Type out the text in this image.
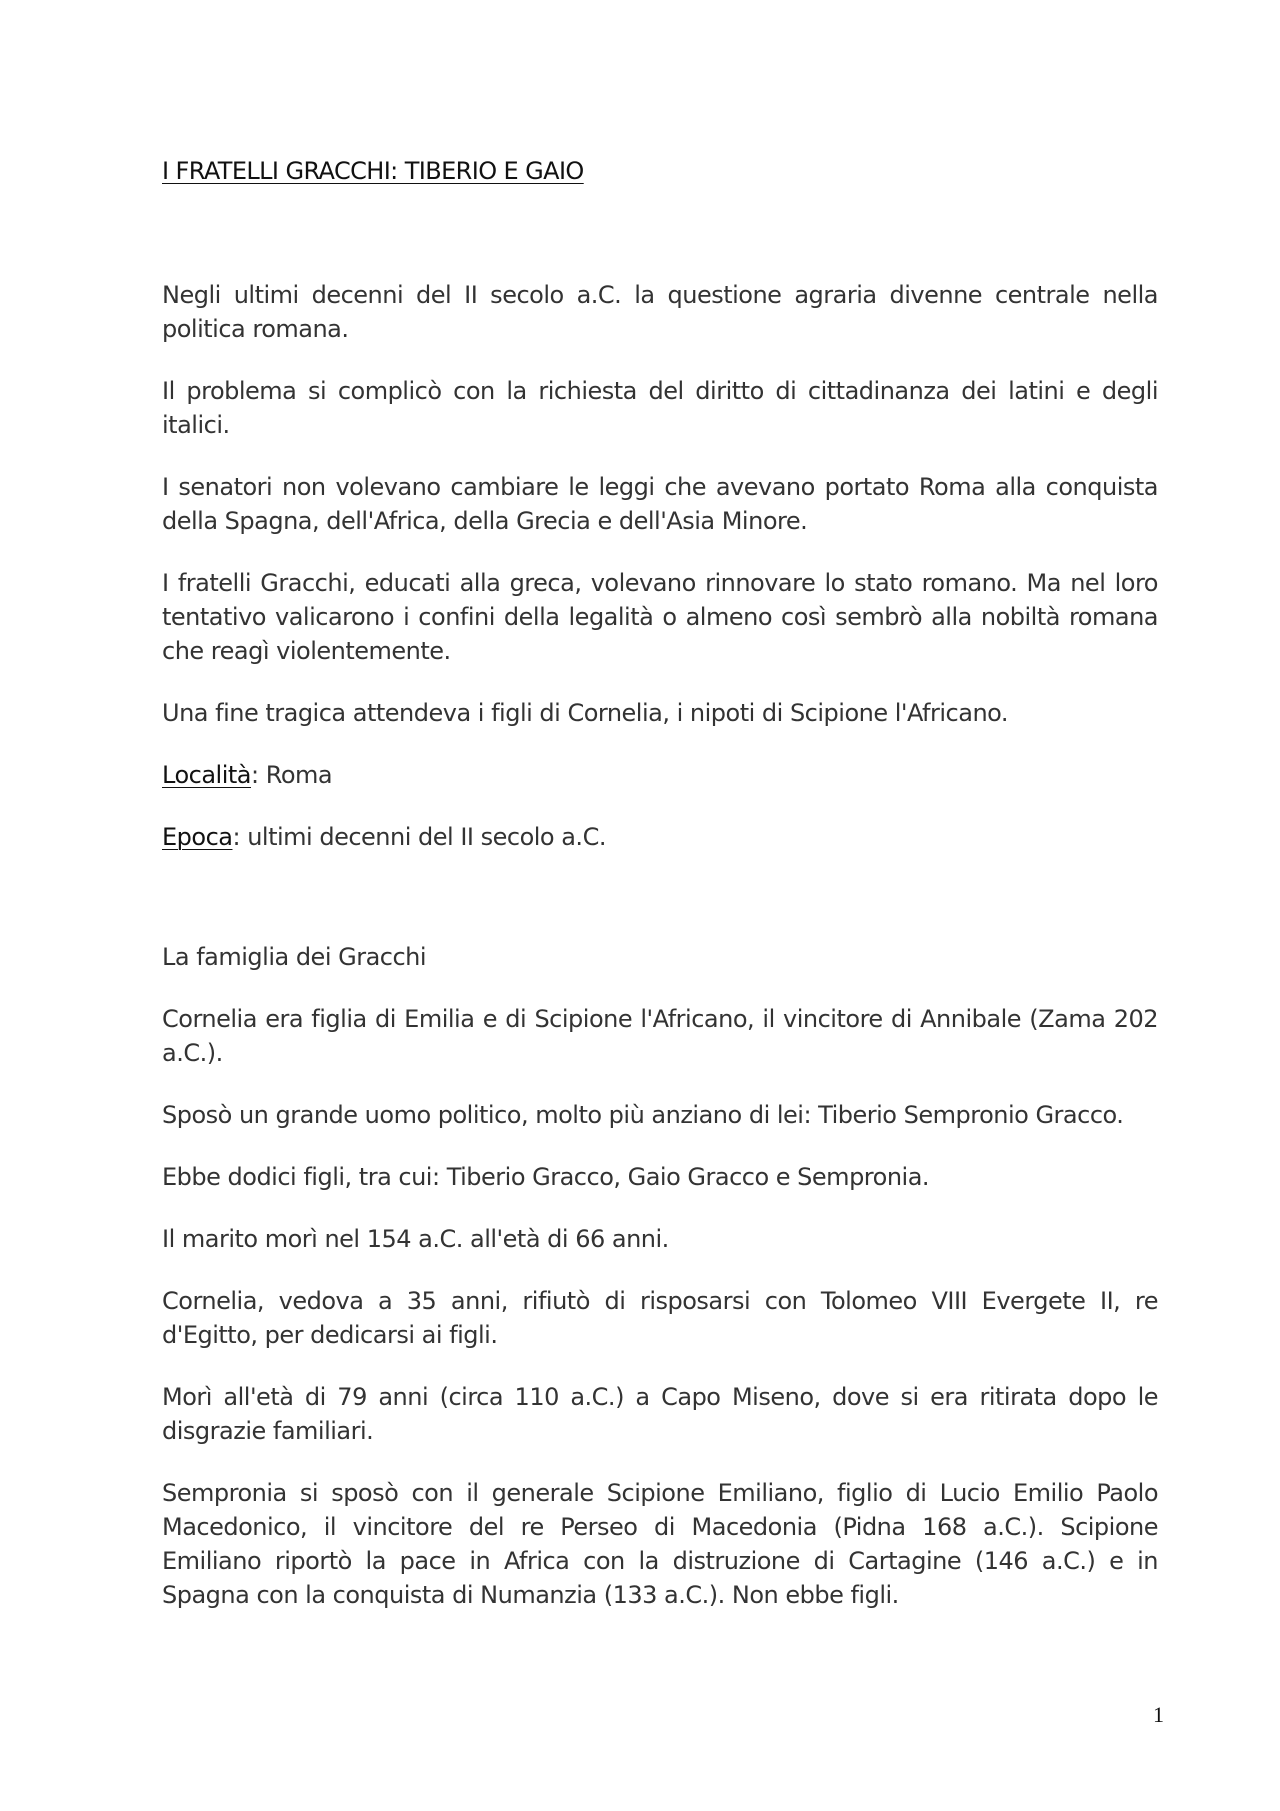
I FRATELLI GRACCHI: TIBERIO E GAIO

Negli ultimi decenni del II secolo a.C. la questione agraria divenne centrale nella politica romana.

Il problema si complicò con la richiesta del diritto di cittadinanza dei latini e degli italici.

I senatori non volevano cambiare le leggi che avevano portato Roma alla conquista della Spagna, dell'Africa, della Grecia e dell'Asia Minore.

I fratelli Gracchi, educati alla greca, volevano rinnovare lo stato romano. Ma nel loro tentativo valicarono i confini della legalità o almeno così sembrò alla nobiltà romana che reagì violentemente.

Una fine tragica attendeva i figli di Cornelia, i nipoti di Scipione l'Africano.

Località: Roma

Epoca: ultimi decenni del II secolo a.C.

La famiglia dei Gracchi

Cornelia era figlia di Emilia e di Scipione l'Africano, il vincitore di Annibale (Zama 202 a.C.).

Sposò un grande uomo politico, molto più anziano di lei: Tiberio Sempronio Gracco.

Ebbe dodici figli, tra cui: Tiberio Gracco, Gaio Gracco e Sempronia.

Il marito morì nel 154 a.C. all'età di 66 anni.

Cornelia, vedova a 35 anni, rifiutò di risposarsi con Tolomeo VIII Evergete II, re d'Egitto, per dedicarsi ai figli.

Morì all'età di 79 anni (circa 110 a.C.) a Capo Miseno, dove si era ritirata dopo le disgrazie familiari.

Sempronia si sposò con il generale Scipione Emiliano, figlio di Lucio Emilio Paolo Macedonico, il vincitore del re Perseo di Macedonia (Pidna 168 a.C.). Scipione Emiliano riportò la pace in Africa con la distruzione di Cartagine (146 a.C.) e in Spagna con la conquista di Numanzia (133 a.C.). Non ebbe figli.

1
